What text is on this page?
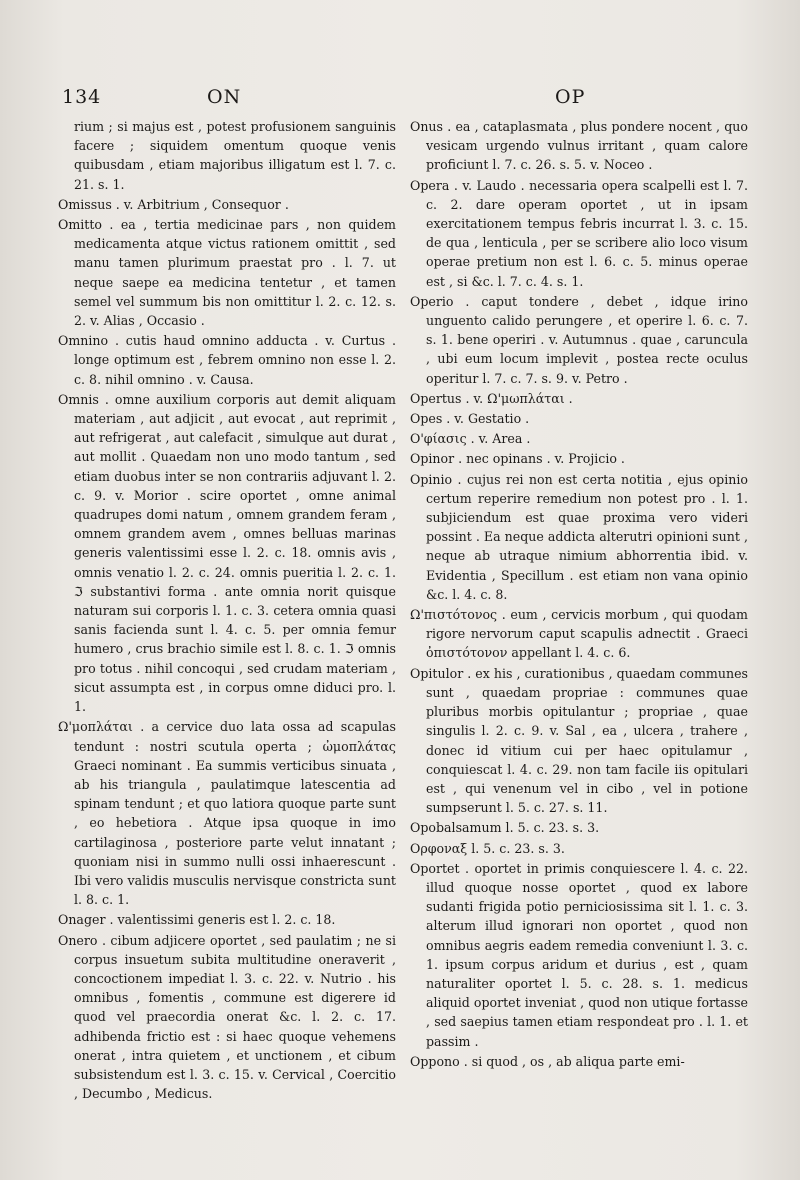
134	ON	OP

rium ; si majus est , potest profusionem sanguinis facere ; siquidem omentum quoque venis quibusdam , etiam majoribus illigatum est l. 7. c. 21. s. 1.

Omissus . v. Arbitrium , Consequor .

Omitto . ea , tertia medicinae pars , non quidem medicamenta atque victus rationem omittit , sed manu tamen plurimum praestat pro . l. 7. ut neque saepe ea medicina tentetur , et tamen semel vel summum bis non omittitur l. 2. c. 12. s. 2. v. Alias , Occasio .

Omnino . cutis haud omnino adducta . v. Curtus . longe optimum est , febrem omnino non esse l. 2. c. 8. nihil omnino . v. Causa.

Omnis . omne auxilium corporis aut demit aliquam materiam , aut adjicit , aut evocat , aut reprimit , aut refrigerat , aut calefacit , simulque aut durat , aut mollit . Quaedam non uno modo tantum , sed etiam duobus inter se non contrariis adjuvant l. 2. c. 9. v. Morior . scire oportet , omne animal quadrupes domi natum , omnem grandem feram , omnem grandem avem , omnes belluas marinas generis valentissimi esse l. 2. c. 18. omnis avis , omnis venatio l. 2. c. 24. omnis pueritia l. 2. c. 1. ℑ substantivi forma . ante omnia norit quisque naturam sui corporis l. 1. c. 3. cetera omnia quasi sanis facienda sunt l. 4. c. 5. per omnia femur humero , crus brachio simile est l. 8. c. 1. ℑ omnis pro totus . nihil concoqui , sed crudam materiam , sicut assumpta est , in corpus omne diduci pro. l. 1.

Ω'μοπλάται . a cervice duo lata ossa ad scapulas tendunt : nostri scutula operta ; ὠμοπλάτας Graeci nominant . Ea summis verticibus sinuata , ab his triangula , paulatimque latescentia ad spinam tendunt ; et quo latiora quoque parte sunt , eo hebetiora . Atque ipsa quoque in imo cartilaginosa , posteriore parte velut innatant ; quoniam nisi in summo nulli ossi inhaerescunt . Ibi vero validis musculis nervisque constricta sunt l. 8. c. 1.

Onager . valentissimi generis est l. 2. c. 18.

Onero . cibum adjicere oportet , sed paulatim ; ne si corpus insuetum subita multitudine oneraverit , concoctionem impediat l. 3. c. 22. v. Nutrio . his omnibus , fomentis , commune est digerere id quod vel praecordia onerat &c. l. 2. c. 17. adhibenda frictio est : si haec quoque vehemens onerat , intra quietem , et unctionem , et cibum subsistendum est l. 3. c. 15. v. Cervical , Coercitio , Decumbo , Medicus.

Onus . ea , cataplasmata , plus pondere nocent , quo vesicam urgendo vulnus irritant , quam calore proficiunt l. 7. c. 26. s. 5. v. Noceo .

Opera . v. Laudo . necessaria opera scalpelli est l. 7. c. 2. dare operam oportet , ut in ipsam exercitationem tempus febris incurrat l. 3. c. 15. de qua , lenticula , per se scribere alio loco visum operae pretium non est l. 6. c. 5. minus operae est , si &c. l. 7. c. 4. s. 1.

Operio . caput tondere , debet , idque irino unguento calido perungere , et operire l. 6. c. 7. s. 1. bene operiri . v. Autumnus . quae , caruncula , ubi eum locum implevit , postea recte oculus operitur l. 7. c. 7. s. 9. v. Petro .

Opertus . v. Ω'μωπλάται .

Opes . v. Gestatio .

Ο'φίασις . v. Area .

Opinor . nec opinans . v. Projicio .

Opinio . cujus rei non est certa notitia , ejus opinio certum reperire remedium non potest pro . l. 1. subjiciendum est quae proxima vero videri possint . Ea neque addicta alterutri opinioni sunt , neque ab utraque nimium abhorrentia ibid. v. Evidentia , Specillum . est etiam non vana opinio &c. l. 4. c. 8.

Ω'πιστότονος . eum , cervicis morbum , qui quodam rigore nervorum caput scapulis adnectit . Graeci ὀπιστότονον appellant l. 4. c. 6.

Opitulor . ex his , curationibus , quaedam communes sunt , quaedam propriae : communes quae pluribus morbis opitulantur ; propriae , quae singulis l. 2. c. 9. v. Sal , ea , ulcera , trahere , donec id vitium cui per haec opitulamur , conquiescat l. 4. c. 29. non tam facile iis opitulari est , qui venenum vel in cibo , vel in potione sumpserunt l. 5. c. 27. s. 11.

Opobalsamum l. 5. c. 23. s. 3.

Ορφοναξ l. 5. c. 23. s. 3.

Oportet . oportet in primis conquiescere l. 4. c. 22. illud quoque nosse oportet , quod ex labore sudanti frigida potio perniciosissima sit l. 1. c. 3. alterum illud ignorari non oportet , quod non omnibus aegris eadem remedia conveniunt l. 3. c. 1. ipsum corpus aridum et durius , est , quam naturaliter oportet l. 5. c. 28. s. 1. medicus aliquid oportet inveniat , quod non utique fortasse , sed saepius tamen etiam respondeat pro . l. 1. et passim .

Oppono . si quod , os , ab aliqua parte emi-
